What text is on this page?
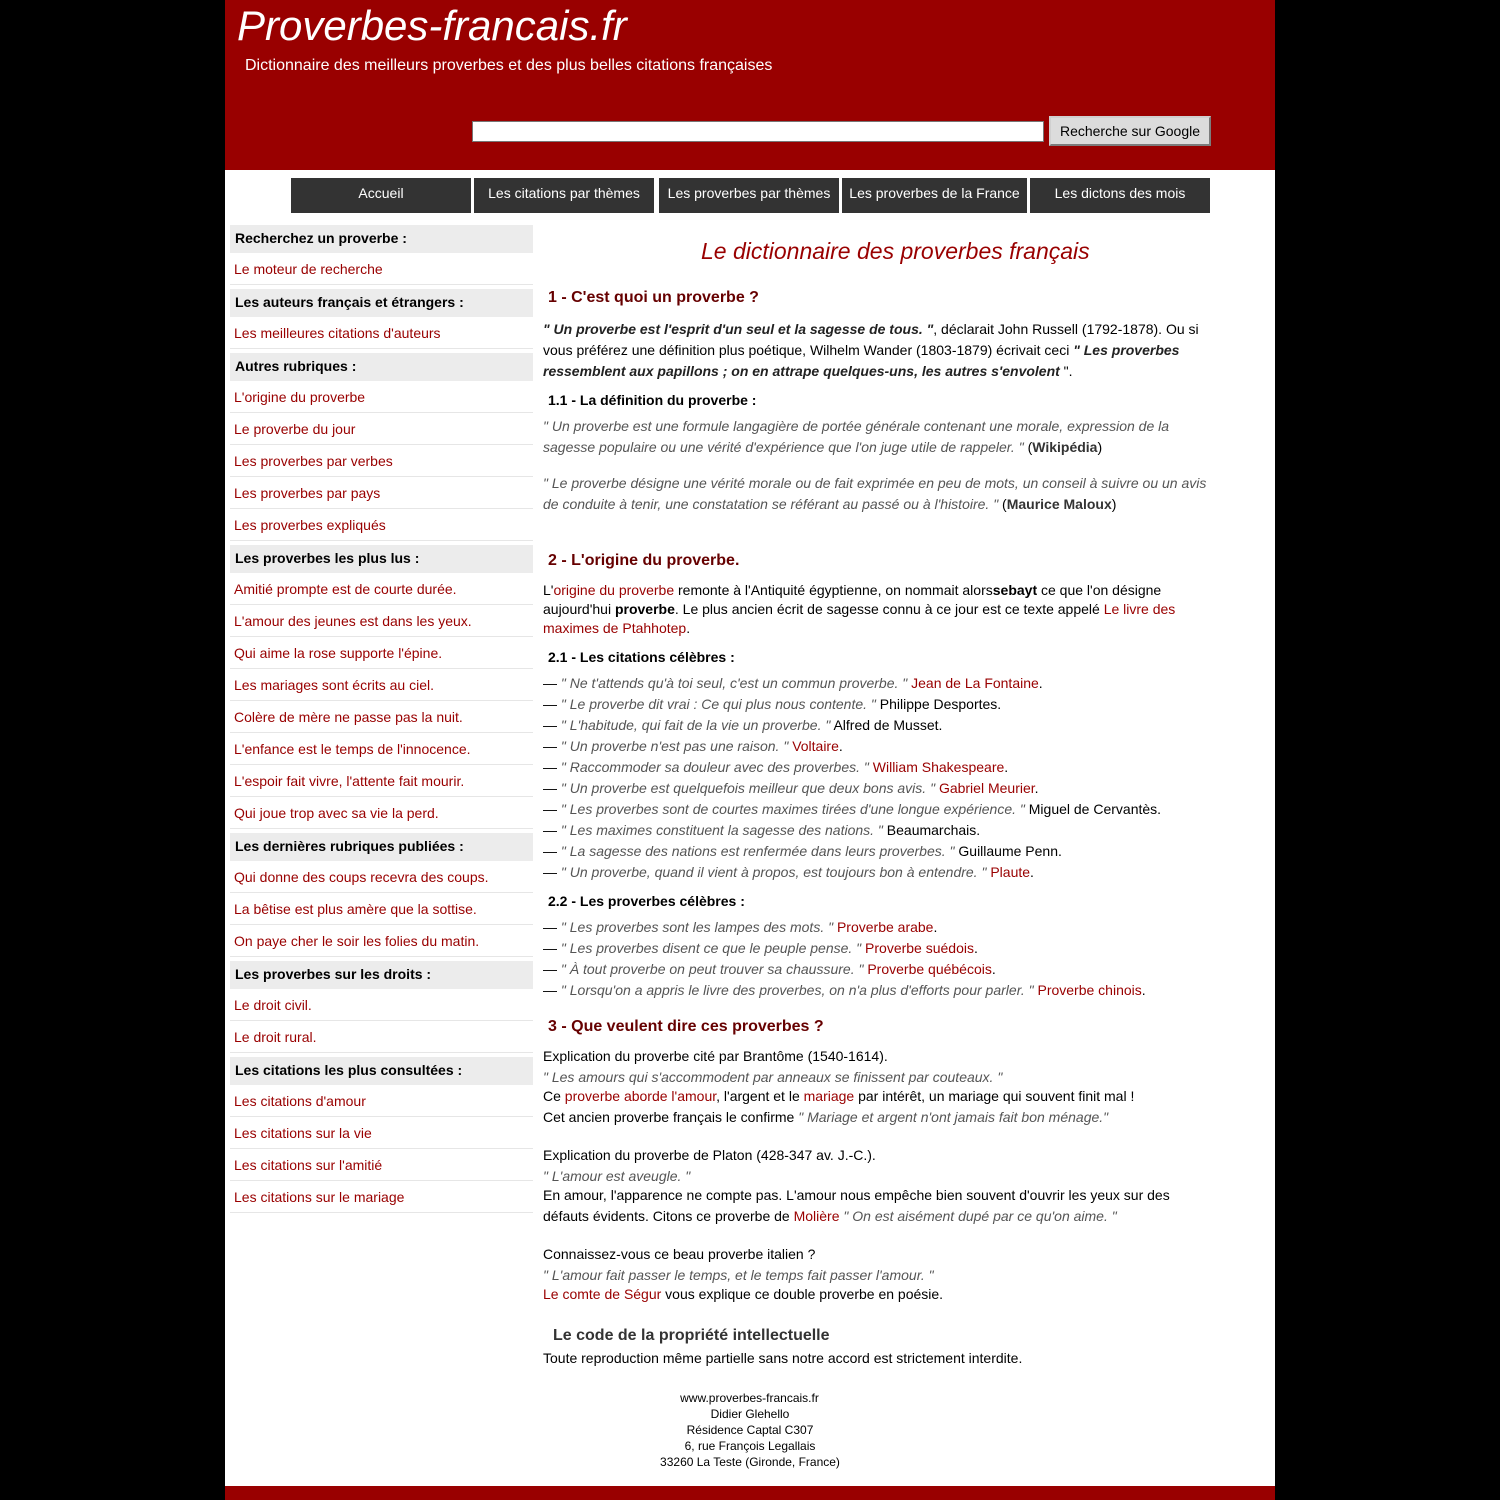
Proverbes-francais.fr
Dictionnaire des meilleurs proverbes et des plus belles citations françaises
Recherche sur Google
Accueil	Les citations par thèmes	Les proverbes par thèmes	Les proverbes de la France	Les dictons des mois
Recherchez un proverbe :
Le moteur de recherche
Les auteurs français et étrangers :
Les meilleures citations d'auteurs
Autres rubriques :
L'origine du proverbe
Le proverbe du jour
Les proverbes par verbes
Les proverbes par pays
Les proverbes expliqués
Les proverbes les plus lus :
Amitié prompte est de courte durée.
L'amour des jeunes est dans les yeux.
Qui aime la rose supporte l'épine.
Les mariages sont écrits au ciel.
Colère de mère ne passe pas la nuit.
L'enfance est le temps de l'innocence.
L'espoir fait vivre, l'attente fait mourir.
Qui joue trop avec sa vie la perd.
Les dernières rubriques publiées :
Qui donne des coups recevra des coups.
La bêtise est plus amère que la sottise.
On paye cher le soir les folies du matin.
Les proverbes sur les droits :
Le droit civil.
Le droit rural.
Les citations les plus consultées :
Les citations d'amour
Les citations sur la vie
Les citations sur l'amitié
Les citations sur le mariage
Le dictionnaire des proverbes français
1 - C'est quoi un proverbe ?
" Un proverbe est l'esprit d'un seul et la sagesse de tous. ", déclarait John Russell (1792-1878). Ou si
vous préférez une définition plus poétique, Wilhelm Wander (1803-1879) écrivait ceci " Les proverbes
ressemblent aux papillons ; on en attrape quelques-uns, les autres s'envolent ".
1.1 - La définition du proverbe :
" Un proverbe est une formule langagière de portée générale contenant une morale, expression de la
sagesse populaire ou une vérité d'expérience que l'on juge utile de rappeler. " (Wikipédia)
" Le proverbe désigne une vérité morale ou de fait exprimée en peu de mots, un conseil à suivre ou un avis
de conduite à tenir, une constatation se référant au passé ou à l'histoire. " (Maurice Maloux)
2 - L'origine du proverbe.
L'origine du proverbe remonte à l'Antiquité égyptienne, on nommait alorssebayt ce que l'on désigne
aujourd'hui proverbe. Le plus ancien écrit de sagesse connu à ce jour est ce texte appelé Le livre des
maximes de Ptahhotep.
2.1 - Les citations célèbres :
— " Ne t'attends qu'à toi seul, c'est un commun proverbe. " Jean de La Fontaine.
— " Le proverbe dit vrai : Ce qui plus nous contente. " Philippe Desportes.
— " L'habitude, qui fait de la vie un proverbe. " Alfred de Musset.
— " Un proverbe n'est pas une raison. " Voltaire.
— " Raccommoder sa douleur avec des proverbes. " William Shakespeare.
— " Un proverbe est quelquefois meilleur que deux bons avis. " Gabriel Meurier.
— " Les proverbes sont de courtes maximes tirées d'une longue expérience. " Miguel de Cervantès.
— " Les maximes constituent la sagesse des nations. " Beaumarchais.
— " La sagesse des nations est renfermée dans leurs proverbes. " Guillaume Penn.
— " Un proverbe, quand il vient à propos, est toujours bon à entendre. " Plaute.
2.2 - Les proverbes célèbres :
— " Les proverbes sont les lampes des mots. " Proverbe arabe.
— " Les proverbes disent ce que le peuple pense. " Proverbe suédois.
— " À tout proverbe on peut trouver sa chaussure. " Proverbe québécois.
— " Lorsqu'on a appris le livre des proverbes, on n'a plus d'efforts pour parler. " Proverbe chinois.
3 - Que veulent dire ces proverbes ?
Explication du proverbe cité par Brantôme (1540-1614).
" Les amours qui s'accommodent par anneaux se finissent par couteaux. "
Ce proverbe aborde l'amour, l'argent et le mariage par intérêt, un mariage qui souvent finit mal !
Cet ancien proverbe français le confirme " Mariage et argent n'ont jamais fait bon ménage."
Explication du proverbe de Platon (428-347 av. J.-C.).
" L'amour est aveugle. "
En amour, l'apparence ne compte pas. L'amour nous empêche bien souvent d'ouvrir les yeux sur des
défauts évidents. Citons ce proverbe de Molière " On est aisément dupé par ce qu'on aime. "
Connaissez-vous ce beau proverbe italien ?
" L'amour fait passer le temps, et le temps fait passer l'amour. "
Le comte de Ségur vous explique ce double proverbe en poésie.
Le code de la propriété intellectuelle
Toute reproduction même partielle sans notre accord est strictement interdite.
www.proverbes-francais.fr
Didier Glehello
Résidence Captal C307
6, rue François Legallais
33260 La Teste (Gironde, France)
